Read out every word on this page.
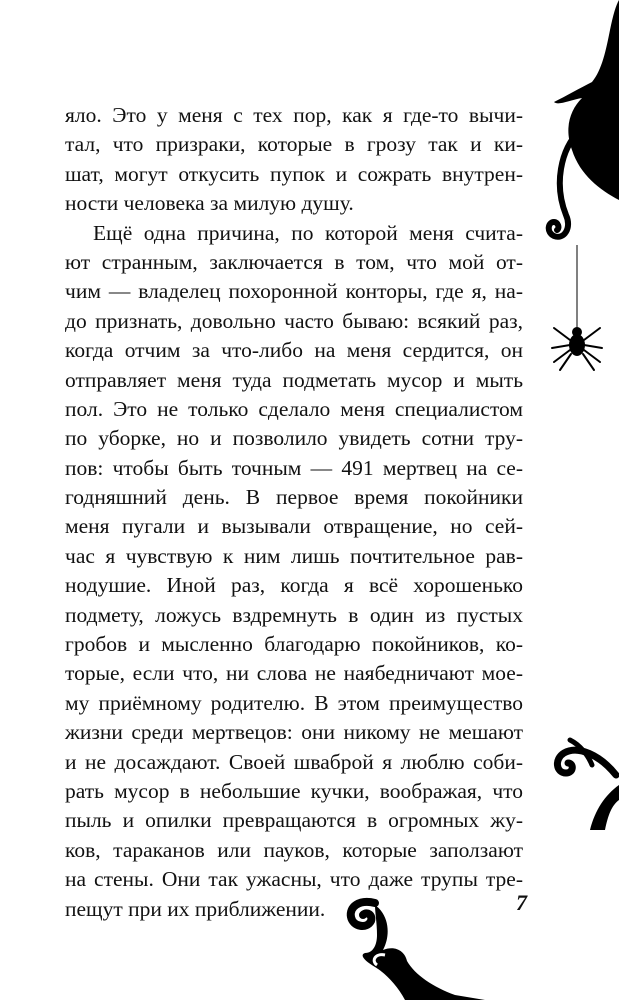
яло. Это у меня с тех пор, как я где-то вычи-
тал, что призраки, которые в грозу так и ки-
шат, могут откусить пупок и сожрать внутрен-
ности человека за милую душу.
Ещё одна причина, по которой меня счита-
ют странным, заключается в том, что мой от-
чим — владелец похоронной конторы, где я, на-
до признать, довольно часто бываю: всякий раз,
когда отчим за что-либо на меня сердится, он
отправляет меня туда подметать мусор и мыть
пол. Это не только сделало меня специалистом
по уборке, но и позволило увидеть сотни тру-
пов: чтобы быть точным — 491 мертвец на се-
годняшний день. В первое время покойники
меня пугали и вызывали отвращение, но сей-
час я чувствую к ним лишь почтительное рав-
нодушие. Иной раз, когда я всё хорошенько
подмету, ложусь вздремнуть в один из пустых
гробов и мысленно благодарю покойников, ко-
торые, если что, ни слова не наябедничают мое-
му приёмному родителю. В этом преимущество
жизни среди мертвецов: они никому не мешают
и не досаждают. Своей шваброй я люблю соби-
рать мусор в небольшие кучки, воображая, что
пыль и опилки превращаются в огромных жу-
ков, тараканов или пауков, которые заползают
на стены. Они так ужасны, что даже трупы тре-
пещут при их приближении.	7
